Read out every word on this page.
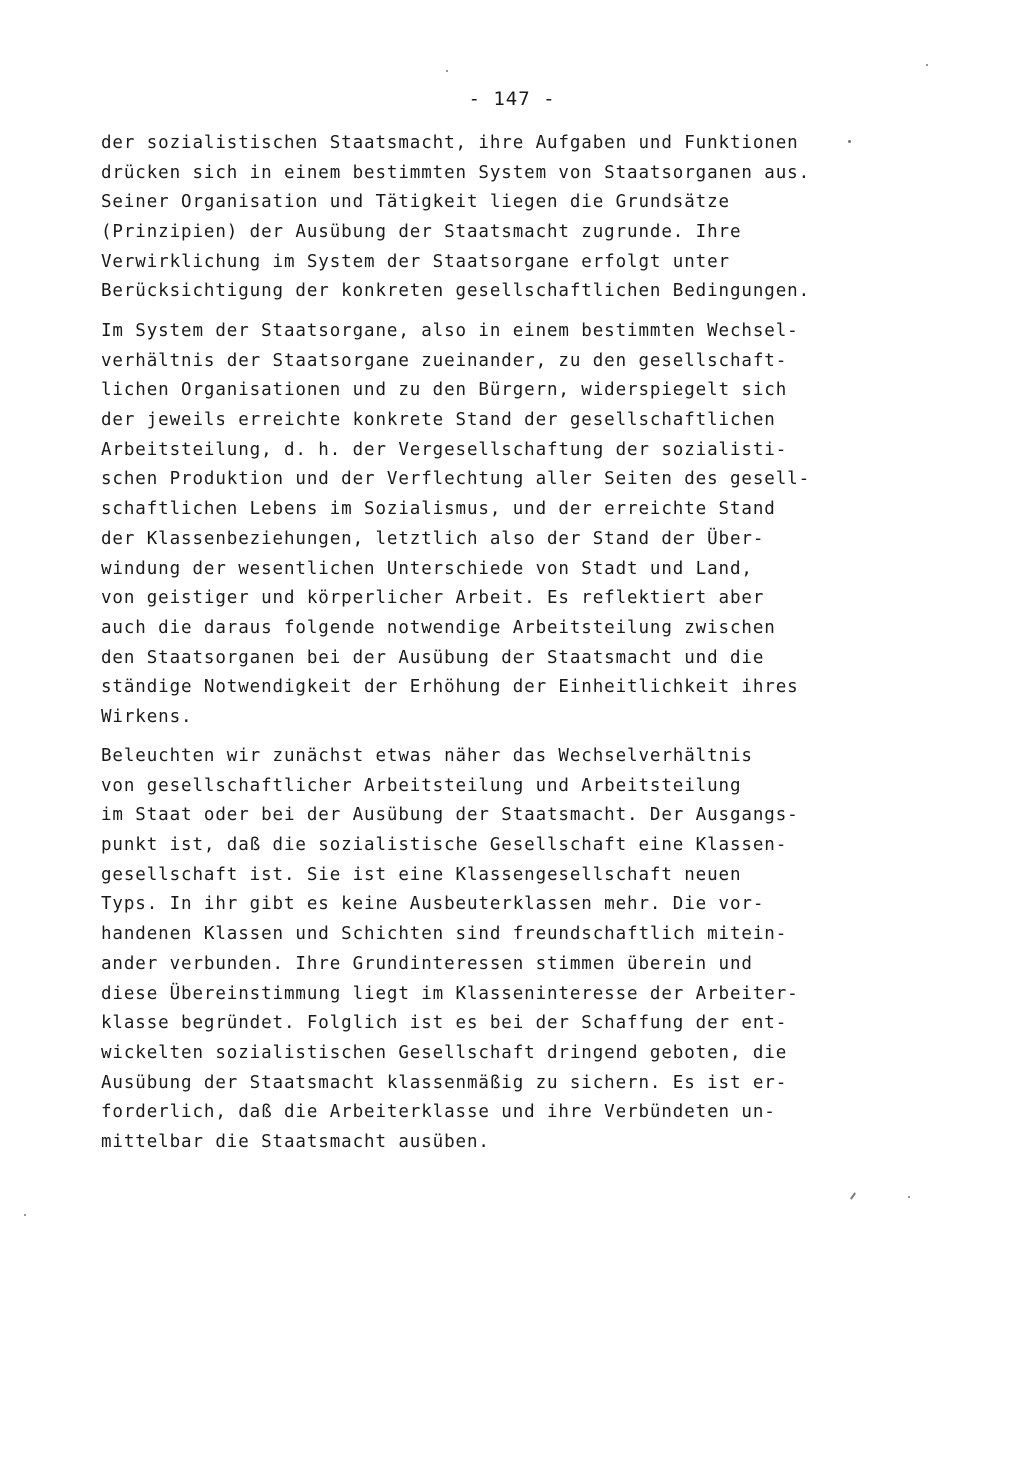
- 147 -
der sozialistischen Staatsmacht, ihre Aufgaben und Funktionen
drücken sich in einem bestimmten System von Staatsorganen aus.
Seiner Organisation und Tätigkeit liegen die Grundsätze
(Prinzipien) der Ausübung der Staatsmacht zugrunde. Ihre
Verwirklichung im System der Staatsorgane erfolgt unter
Berücksichtigung der konkreten gesellschaftlichen Bedingungen.
Im System der Staatsorgane, also in einem bestimmten Wechsel-
verhältnis der Staatsorgane zueinander, zu den gesellschaft-
lichen Organisationen und zu den Bürgern, widerspiegelt sich
der jeweils erreichte konkrete Stand der gesellschaftlichen
Arbeitsteilung, d. h. der Vergesellschaftung der sozialisti-
schen Produktion und der Verflechtung aller Seiten des gesell-
schaftlichen Lebens im Sozialismus, und der erreichte Stand
der Klassenbeziehungen, letztlich also der Stand der Über-
windung der wesentlichen Unterschiede von Stadt und Land,
von geistiger und körperlicher Arbeit. Es reflektiert aber
auch die daraus folgende notwendige Arbeitsteilung zwischen
den Staatsorganen bei der Ausübung der Staatsmacht und die
ständige Notwendigkeit der Erhöhung der Einheitlichkeit ihres
Wirkens.
Beleuchten wir zunächst etwas näher das Wechselverhältnis
von gesellschaftlicher Arbeitsteilung und Arbeitsteilung
im Staat oder bei der Ausübung der Staatsmacht. Der Ausgangs-
punkt ist, daß die sozialistische Gesellschaft eine Klassen-
gesellschaft ist. Sie ist eine Klassengesellschaft neuen
Typs. In ihr gibt es keine Ausbeuterklassen mehr. Die vor-
handenen Klassen und Schichten sind freundschaftlich mitein-
ander verbunden. Ihre Grundinteressen stimmen überein und
diese Übereinstimmung liegt im Klasseninteresse der Arbeiter-
klasse begründet. Folglich ist es bei der Schaffung der ent-
wickelten sozialistischen Gesellschaft dringend geboten, die
Ausübung der Staatsmacht klassenmäßig zu sichern. Es ist er-
forderlich, daß die Arbeiterklasse und ihre Verbündeten un-
mittelbar die Staatsmacht ausüben.
